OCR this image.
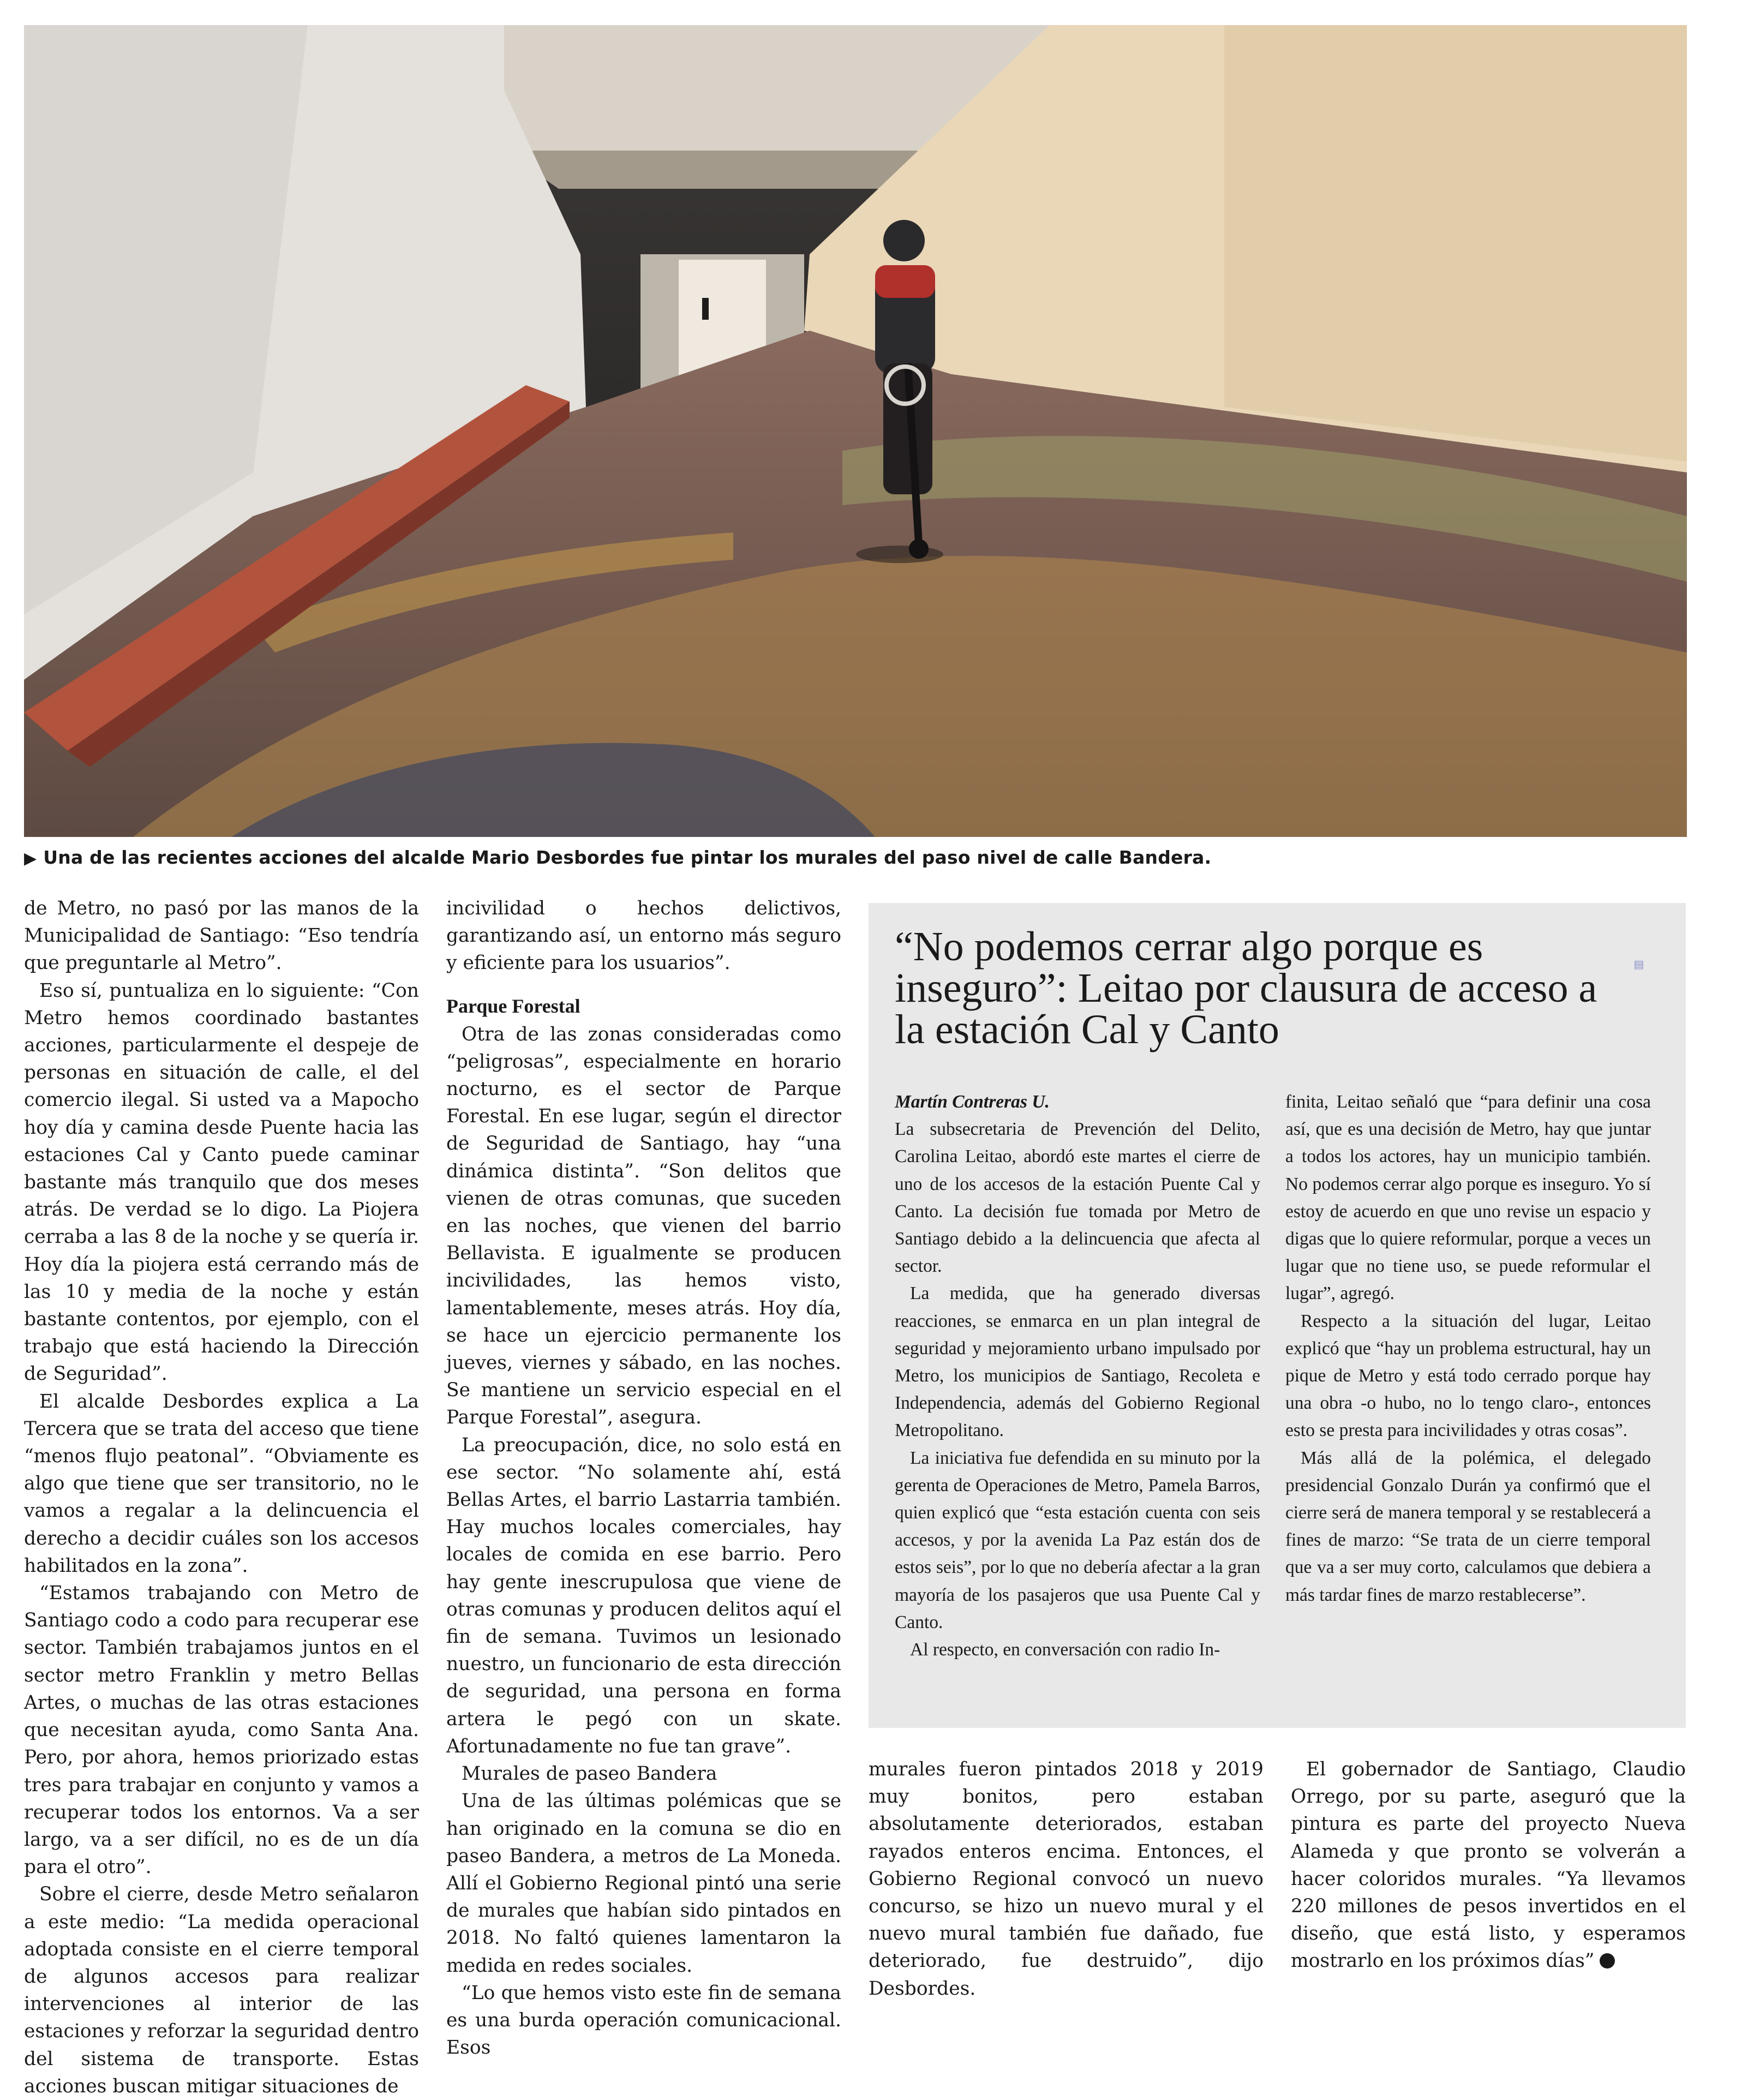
▶ Una de las recientes acciones del alcalde Mario Desbordes fue pintar los murales del paso nivel de calle Bandera.

de Metro, no pasó por las manos de la Municipalidad de Santiago: “Eso tendría que preguntarle al Metro”.

Eso sí, puntualiza en lo siguiente: “Con Metro hemos coordinado bastantes acciones, particularmente el despeje de personas en situación de calle, el del comercio ilegal. Si usted va a Mapocho hoy día y camina desde Puente hacia las estaciones Cal y Canto puede caminar bastante más tranquilo que dos meses atrás. De verdad se lo digo. La Piojera cerraba a las 8 de la noche y se quería ir. Hoy día la piojera está cerrando más de las 10 y media de la noche y están bastante contentos, por ejemplo, con el trabajo que está haciendo la Dirección de Seguridad”.

El alcalde Desbordes explica a La Tercera que se trata del acceso que tiene “menos flujo peatonal”. “Obviamente es algo que tiene que ser transitorio, no le vamos a regalar a la delincuencia el derecho a decidir cuáles son los accesos habilitados en la zona”.

“Estamos trabajando con Metro de Santiago codo a codo para recuperar ese sector. También trabajamos juntos en el sector metro Franklin y metro Bellas Artes, o muchas de las otras estaciones que necesitan ayuda, como Santa Ana. Pero, por ahora, hemos priorizado estas tres para trabajar en conjunto y vamos a recuperar todos los entornos. Va a ser largo, va a ser difícil, no es de un día para el otro”.

Sobre el cierre, desde Metro señalaron a este medio: “La medida operacional adoptada consiste en el cierre temporal de algunos accesos para realizar intervenciones al interior de las estaciones y reforzar la seguridad dentro del sistema de transporte. Estas acciones buscan mitigar situaciones de

incivilidad o hechos delictivos, garantizando así, un entorno más seguro y eficiente para los usuarios”.

Parque Forestal

Otra de las zonas consideradas como “peligrosas”, especialmente en horario nocturno, es el sector de Parque Forestal. En ese lugar, según el director de Seguridad de Santiago, hay “una dinámica distinta”. “Son delitos que vienen de otras comunas, que suceden en las noches, que vienen del barrio Bellavista. E igualmente se producen incivilidades, las hemos visto, lamentablemente, meses atrás. Hoy día, se hace un ejercicio permanente los jueves, viernes y sábado, en las noches. Se mantiene un servicio especial en el Parque Forestal”, asegura.

La preocupación, dice, no solo está en ese sector. “No solamente ahí, está Bellas Artes, el barrio Lastarria también. Hay muchos locales comerciales, hay locales de comida en ese barrio. Pero hay gente inescrupulosa que viene de otras comunas y producen delitos aquí el fin de semana. Tuvimos un lesionado nuestro, un funcionario de esta dirección de seguridad, una persona en forma artera le pegó con un skate. Afortunadamente no fue tan grave”.

Murales de paseo Bandera

Una de las últimas polémicas que se han originado en la comuna se dio en paseo Bandera, a metros de La Moneda. Allí el Gobierno Regional pintó una serie de murales que habían sido pintados en 2018. No faltó quienes lamentaron la medida en redes sociales.

“Lo que hemos visto este fin de semana es una burda operación comunicacional. Esos

“No podemos cerrar algo porque es inseguro”: Leitao por clausura de acceso a la estación Cal y Canto
▤
Martín Contreras U.

La subsecretaria de Prevención del Delito, Carolina Leitao, abordó este martes el cierre de uno de los accesos de la estación Puente Cal y Canto. La decisión fue tomada por Metro de Santiago debido a la delincuencia que afecta al sector.

La medida, que ha generado diversas reacciones, se enmarca en un plan integral de seguridad y mejoramiento urbano impulsado por Metro, los municipios de Santiago, Recoleta e Independencia, además del Gobierno Regional Metropolitano.

La iniciativa fue defendida en su minuto por la gerenta de Operaciones de Metro, Pamela Barros, quien explicó que “esta estación cuenta con seis accesos, y por la avenida La Paz están dos de estos seis”, por lo que no debería afectar a la gran mayoría de los pasajeros que usa Puente Cal y Canto.

Al respecto, en conversación con radio In-

finita, Leitao señaló que “para definir una cosa así, que es una decisión de Metro, hay que juntar a todos los actores, hay un municipio también. No podemos cerrar algo porque es inseguro. Yo sí estoy de acuerdo en que uno revise un espacio y digas que lo quiere reformular, porque a veces un lugar que no tiene uso, se puede reformular el lugar”, agregó.

Respecto a la situación del lugar, Leitao explicó que “hay un problema estructural, hay un pique de Metro y está todo cerrado porque hay una obra -o hubo, no lo tengo claro-, entonces esto se presta para incivilidades y otras cosas”.

Más allá de la polémica, el delegado presidencial Gonzalo Durán ya confirmó que el cierre será de manera temporal y se restablecerá a fines de marzo: “Se trata de un cierre temporal que va a ser muy corto, calculamos que debiera a más tardar fines de marzo restablecerse”.

murales fueron pintados 2018 y 2019 muy bonitos, pero estaban absolutamente deteriorados, estaban rayados enteros encima. Entonces, el Gobierno Regional convocó un nuevo concurso, se hizo un nuevo mural y el nuevo mural también fue dañado, fue deteriorado, fue destruido”, dijo Desbordes.

El gobernador de Santiago, Claudio Orrego, por su parte, aseguró que la pintura es parte del proyecto Nueva Alameda y que pronto se volverán a hacer coloridos murales. “Ya llevamos 220 millones de pesos invertidos en el diseño, que está listo, y esperamos mostrarlo en los próximos días”
